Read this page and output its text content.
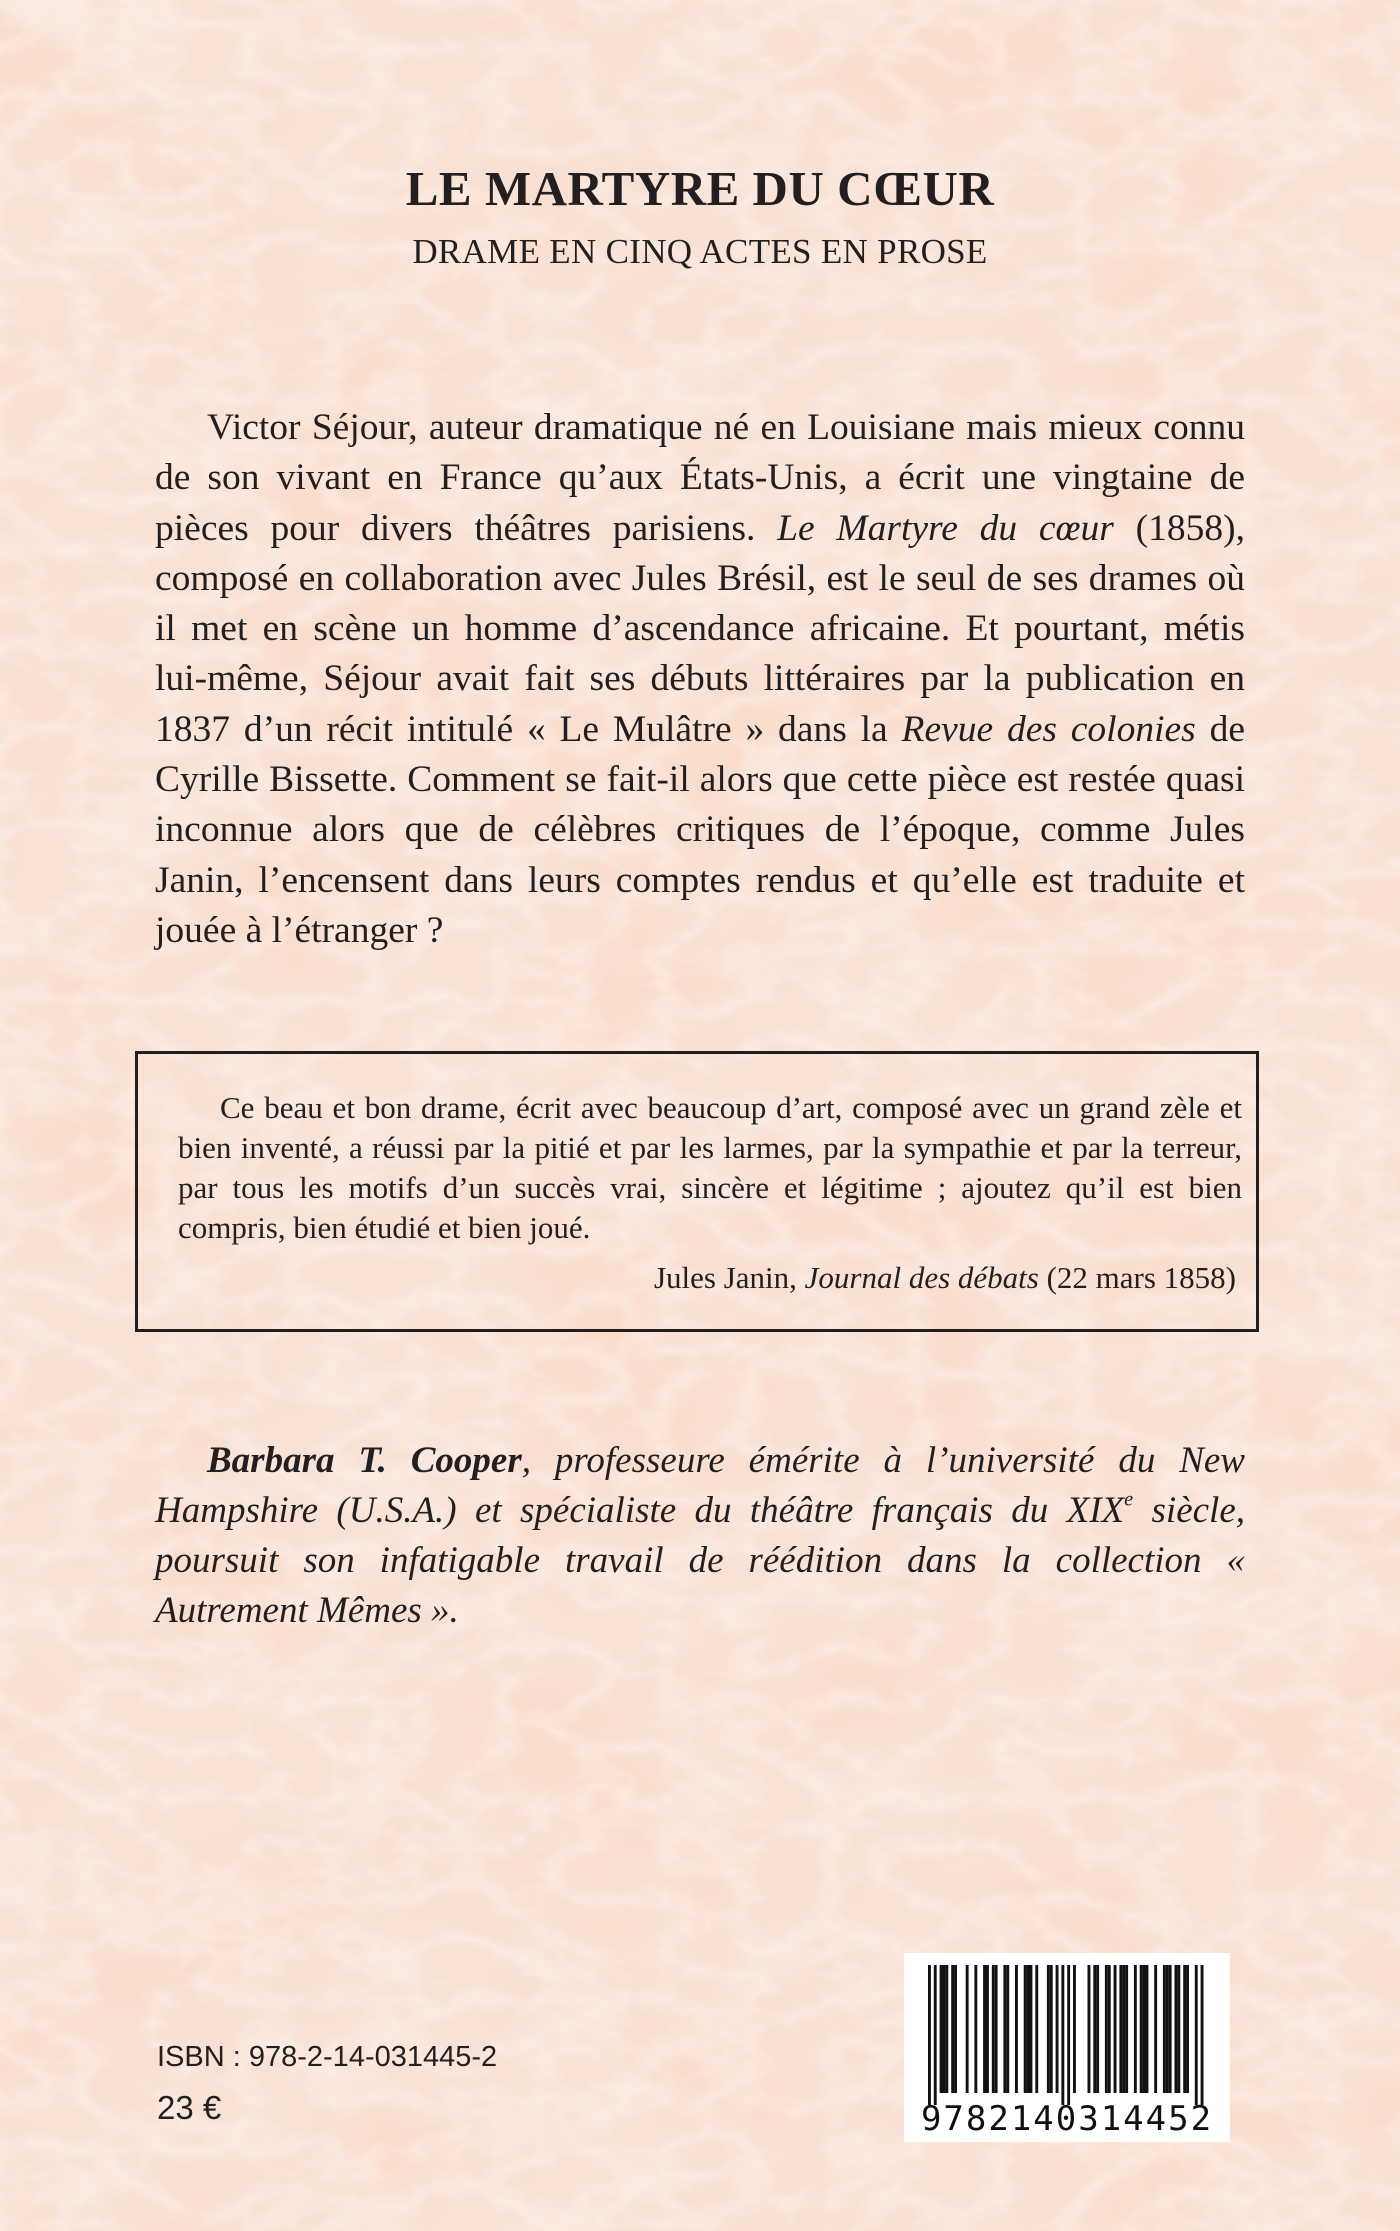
LE MARTYRE DU CŒUR
DRAME EN CINQ ACTES EN PROSE
Victor Séjour, auteur dramatique né en Louisiane mais mieux connu de son vivant en France qu’aux États-Unis, a écrit une vingtaine de pièces pour divers théâtres parisiens. Le Martyre du cœur (1858), composé en collaboration avec Jules Brésil, est le seul de ses drames où il met en scène un homme d’ascendance africaine. Et pourtant, métis lui-même, Séjour avait fait ses débuts littéraires par la publication en 1837 d’un récit intitulé « Le Mulâtre » dans la Revue des colonies de Cyrille Bissette. Comment se fait-il alors que cette pièce est restée quasi inconnue alors que de célèbres critiques de l’époque, comme Jules Janin, l’encensent dans leurs comptes rendus et qu’elle est traduite et jouée à l’étranger ?
Ce beau et bon drame, écrit avec beaucoup d’art, composé avec un grand zèle et bien inventé, a réussi par la pitié et par les larmes, par la sympathie et par la terreur, par tous les motifs d’un succès vrai, sincère et légitime ; ajoutez qu’il est bien compris, bien étudié et bien joué.
Jules Janin, Journal des débats (22 mars 1858)
Barbara T. Cooper, professeure émérite à l’université du New Hampshire (U.S.A.) et spécialiste du théâtre français du XIXe siècle, poursuit son infatigable travail de réédition dans la collection « Autrement Mêmes ».
ISBN : 978-2-14-031445-2
23 €	9782140314452
